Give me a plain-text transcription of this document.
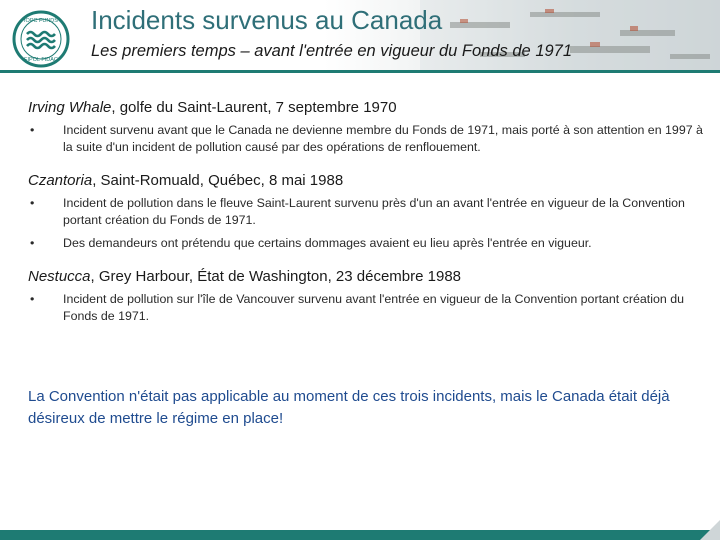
IOPC FUNDS
FIPOL FIDAC
Incidents survenus au Canada
Les premiers temps – avant l'entrée en vigueur du Fonds de 1971
Irving Whale, golfe du Saint-Laurent, 7 septembre 1970
• Incident survenu avant que le Canada ne devienne membre du Fonds de 1971, mais porté à son attention en 1997 à la suite d'un incident de pollution causé par des opérations de renflouement.
Czantoria, Saint-Romuald, Québec, 8 mai 1988
• Incident de pollution dans le fleuve Saint-Laurent survenu près d'un an avant l'entrée en vigueur de la Convention portant création du Fonds de 1971.
• Des demandeurs ont prétendu que certains dommages avaient eu lieu après l'entrée en vigueur.
Nestucca, Grey Harbour, État de Washington, 23 décembre 1988
• Incident de pollution sur l'île de Vancouver survenu avant l'entrée en vigueur de la Convention portant création du Fonds de 1971.
La Convention n'était pas applicable au moment de ces trois incidents, mais le Canada était déjà désireux de mettre le régime en place!
